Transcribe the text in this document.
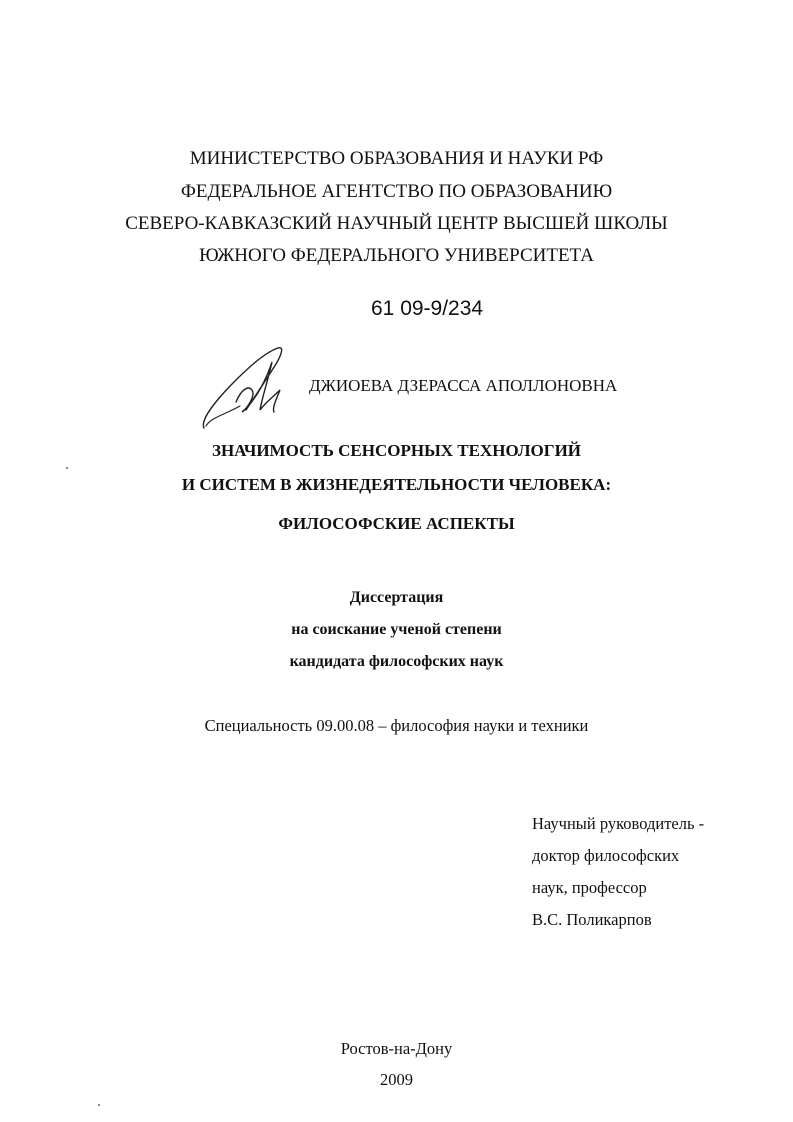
МИНИСТЕРСТВО ОБРАЗОВАНИЯ И НАУКИ РФ
ФЕДЕРАЛЬНОЕ АГЕНТСТВО ПО ОБРАЗОВАНИЮ
СЕВЕРО-КАВКАЗСКИЙ НАУЧНЫЙ ЦЕНТР ВЫСШЕЙ ШКОЛЫ
ЮЖНОГО ФЕДЕРАЛЬНОГО УНИВЕРСИТЕТА
61 09-9/234
ДЖИОЕВА ДЗЕРАССА АПОЛЛОНОВНА
ЗНАЧИМОСТЬ СЕНСОРНЫХ ТЕХНОЛОГИЙ
И СИСТЕМ В ЖИЗНЕДЕЯТЕЛЬНОСТИ ЧЕЛОВЕКА:
ФИЛОСОФСКИЕ АСПЕКТЫ
Диссертация
на соискание ученой степени
кандидата философских наук
Специальность 09.00.08 – философия науки и техники
Научный руководитель -
доктор философских
наук, профессор
В.С. Поликарпов
Ростов-на-Дону
2009
